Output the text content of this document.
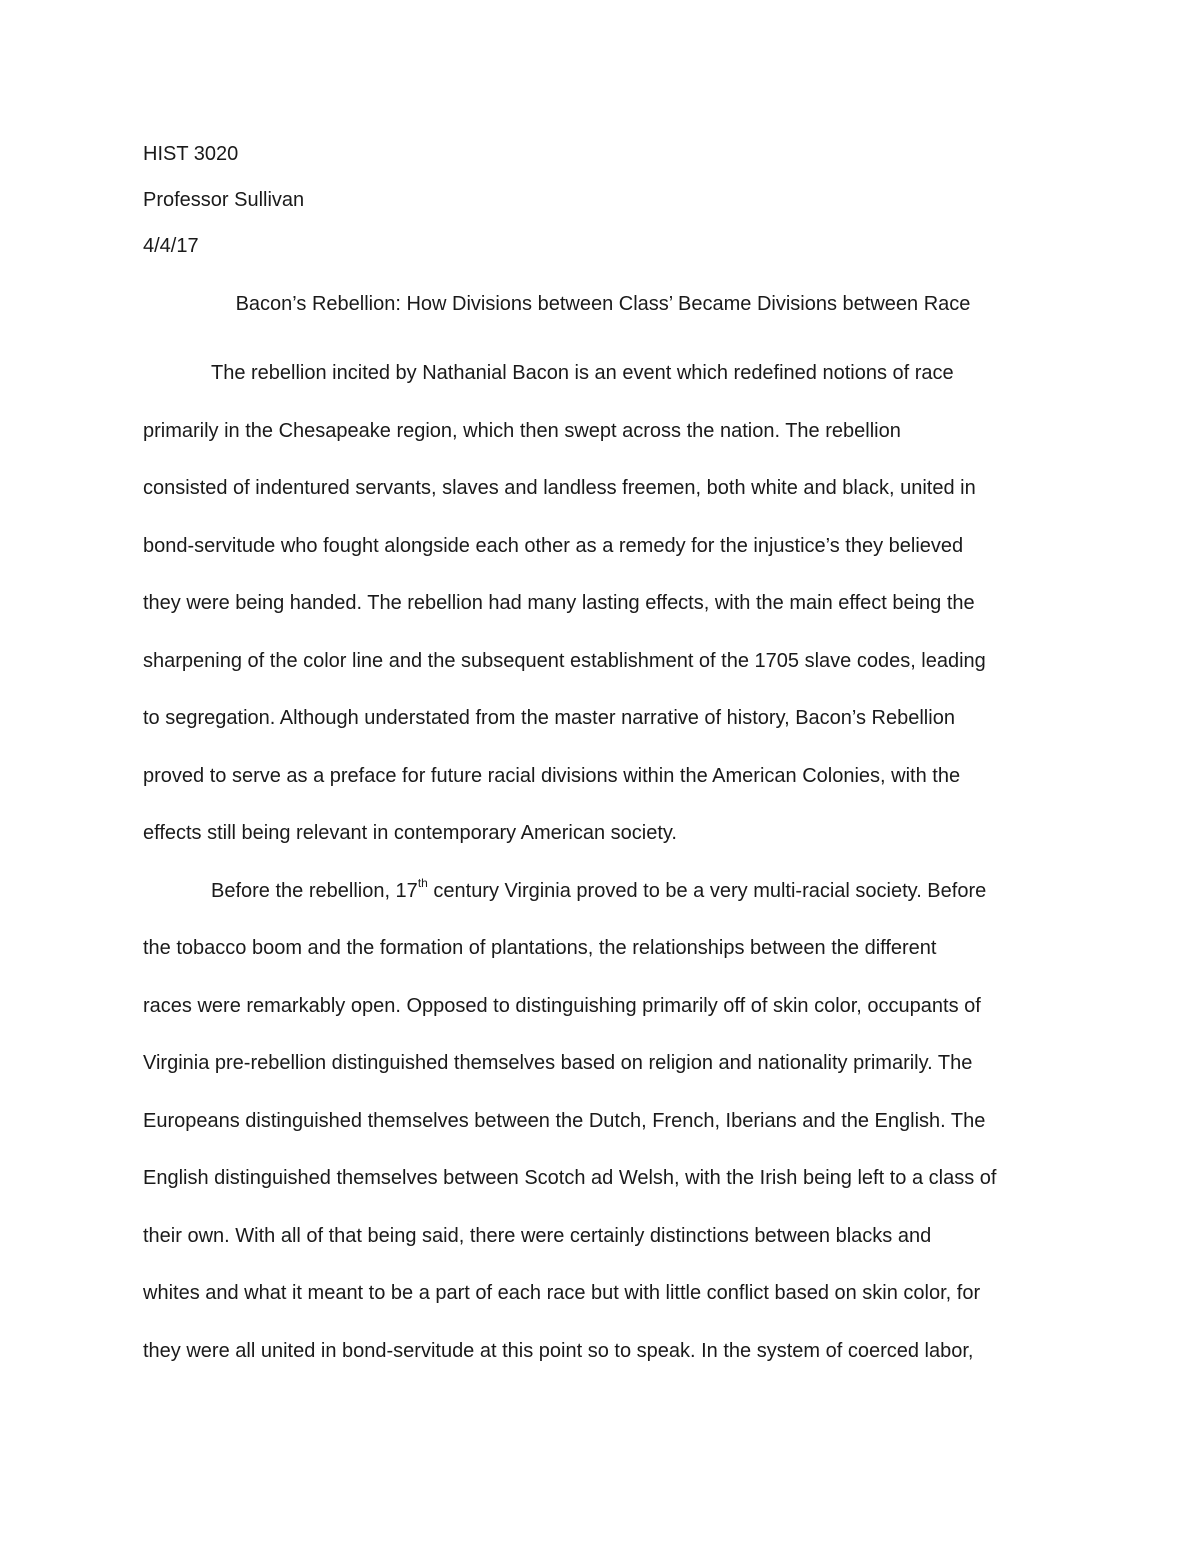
HIST 3020
Professor Sullivan
4/4/17
Bacon’s Rebellion: How Divisions between Class’ Became Divisions between Race
The rebellion incited by Nathanial Bacon is an event which redefined notions of race
primarily in the Chesapeake region, which then swept across the nation. The rebellion
consisted of indentured servants, slaves and landless freemen, both white and black, united in
bond-servitude who fought alongside each other as a remedy for the injustice’s they believed
they were being handed. The rebellion had many lasting effects, with the main effect being the
sharpening of the color line and the subsequent establishment of the 1705 slave codes, leading
to segregation. Although understated from the master narrative of history, Bacon’s Rebellion
proved to serve as a preface for future racial divisions within the American Colonies, with the
effects still being relevant in contemporary American society.
Before the rebellion, 17th century Virginia proved to be a very multi-racial society. Before
the tobacco boom and the formation of plantations, the relationships between the different
races were remarkably open. Opposed to distinguishing primarily off of skin color, occupants of
Virginia pre-rebellion distinguished themselves based on religion and nationality primarily. The
Europeans distinguished themselves between the Dutch, French, Iberians and the English. The
English distinguished themselves between Scotch ad Welsh, with the Irish being left to a class of
their own. With all of that being said, there were certainly distinctions between blacks and
whites and what it meant to be a part of each race but with little conflict based on skin color, for
they were all united in bond-servitude at this point so to speak. In the system of coerced labor,
